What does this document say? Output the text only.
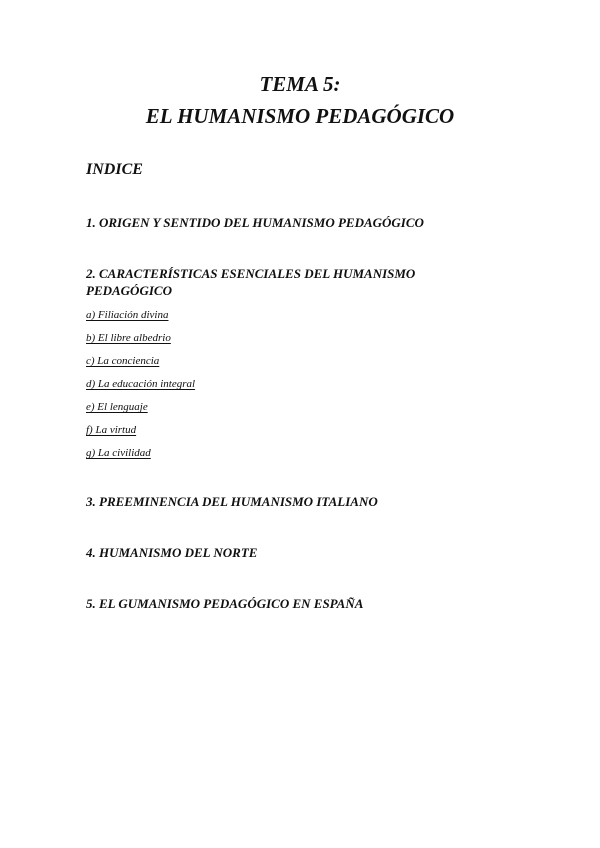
TEMA 5:
EL HUMANISMO PEDAGÓGICO
INDICE
1. ORIGEN Y SENTIDO DEL HUMANISMO PEDAGÓGICO
2. CARACTERÍSTICAS ESENCIALES DEL HUMANISMO PEDAGÓGICO
a) Filiación divina
b) El libre albedrio
c) La conciencia
d) La educación integral
e) El lenguaje
f) La virtud
g) La civilidad
3. PREEMINENCIA DEL HUMANISMO ITALIANO
4. HUMANISMO DEL NORTE
5. EL GUMANISMO PEDAGÓGICO EN ESPAÑA
